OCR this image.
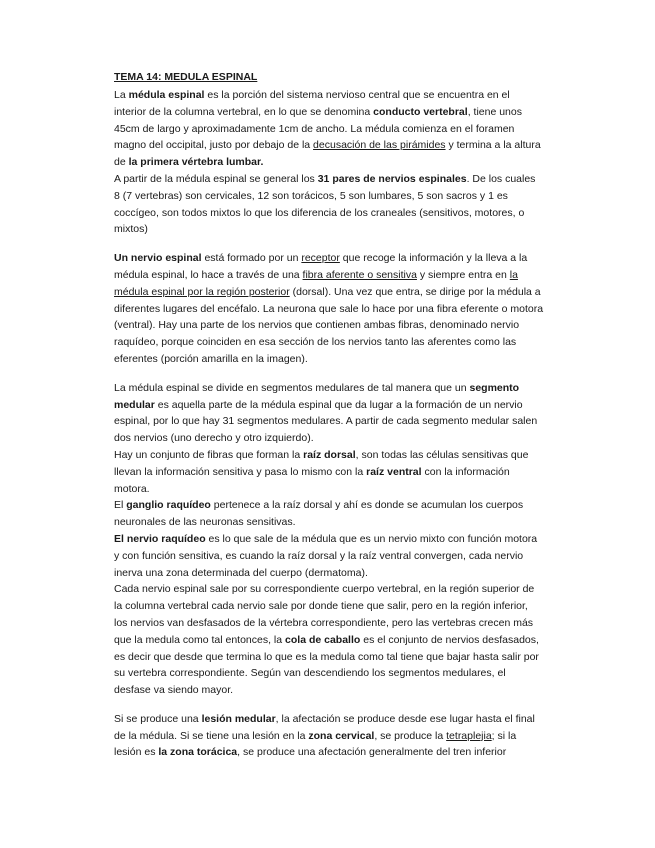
TEMA 14: MEDULA ESPINAL

La médula espinal es la porción del sistema nervioso central que se encuentra en el interior de la columna vertebral, en lo que se denomina conducto vertebral, tiene unos 45cm de largo y aproximadamente 1cm de ancho. La médula comienza en el foramen magno del occipital, justo por debajo de la decusación de las pirámides y termina a la altura de la primera vértebra lumbar.

A partir de la médula espinal se general los 31 pares de nervios espinales. De los cuales 8 (7 vertebras) son cervicales, 12 son torácicos, 5 son lumbares, 5 son sacros y 1 es coccígeo, son todos mixtos lo que los diferencia de los craneales (sensitivos, motores, o mixtos)

Un nervio espinal está formado por un receptor que recoge la información y la lleva a la médula espinal, lo hace a través de una fibra aferente o sensitiva y siempre entra en la médula espinal por la región posterior (dorsal). Una vez que entra, se dirige por la médula a diferentes lugares del encéfalo. La neurona que sale lo hace por una fibra eferente o motora (ventral). Hay una parte de los nervios que contienen ambas fibras, denominado nervio raquídeo, porque coinciden en esa sección de los nervios tanto las aferentes como las eferentes (porción amarilla en la imagen).

La médula espinal se divide en segmentos medulares de tal manera que un segmento medular es aquella parte de la médula espinal que da lugar a la formación de un nervio espinal, por lo que hay 31 segmentos medulares. A partir de cada segmento medular salen dos nervios (uno derecho y otro izquierdo).

Hay un conjunto de fibras que forman la raíz dorsal, son todas las células sensitivas que llevan la información sensitiva y pasa lo mismo con la raíz ventral con la información motora.

El ganglio raquídeo pertenece a la raíz dorsal y ahí es donde se acumulan los cuerpos neuronales de las neuronas sensitivas.

El nervio raquídeo es lo que sale de la médula que es un nervio mixto con función motora y con función sensitiva, es cuando la raíz dorsal y la raíz ventral convergen, cada nervio inerva una zona determinada del cuerpo (dermatoma).

Cada nervio espinal sale por su correspondiente cuerpo vertebral, en la región superior de la columna vertebral cada nervio sale por donde tiene que salir, pero en la región inferior, los nervios van desfasados de la vértebra correspondiente, pero las vertebras crecen más que la medula como tal entonces, la cola de caballo es el conjunto de nervios desfasados, es decir que desde que termina lo que es la medula como tal tiene que bajar hasta salir por su vertebra correspondiente. Según van descendiendo los segmentos medulares, el desfase va siendo mayor.

Si se produce una lesión medular, la afectación se produce desde ese lugar hasta el final de la médula. Si se tiene una lesión en la zona cervical, se produce la tetraplejia; si la lesión es la zona torácica, se produce una afectación generalmente del tren inferior
